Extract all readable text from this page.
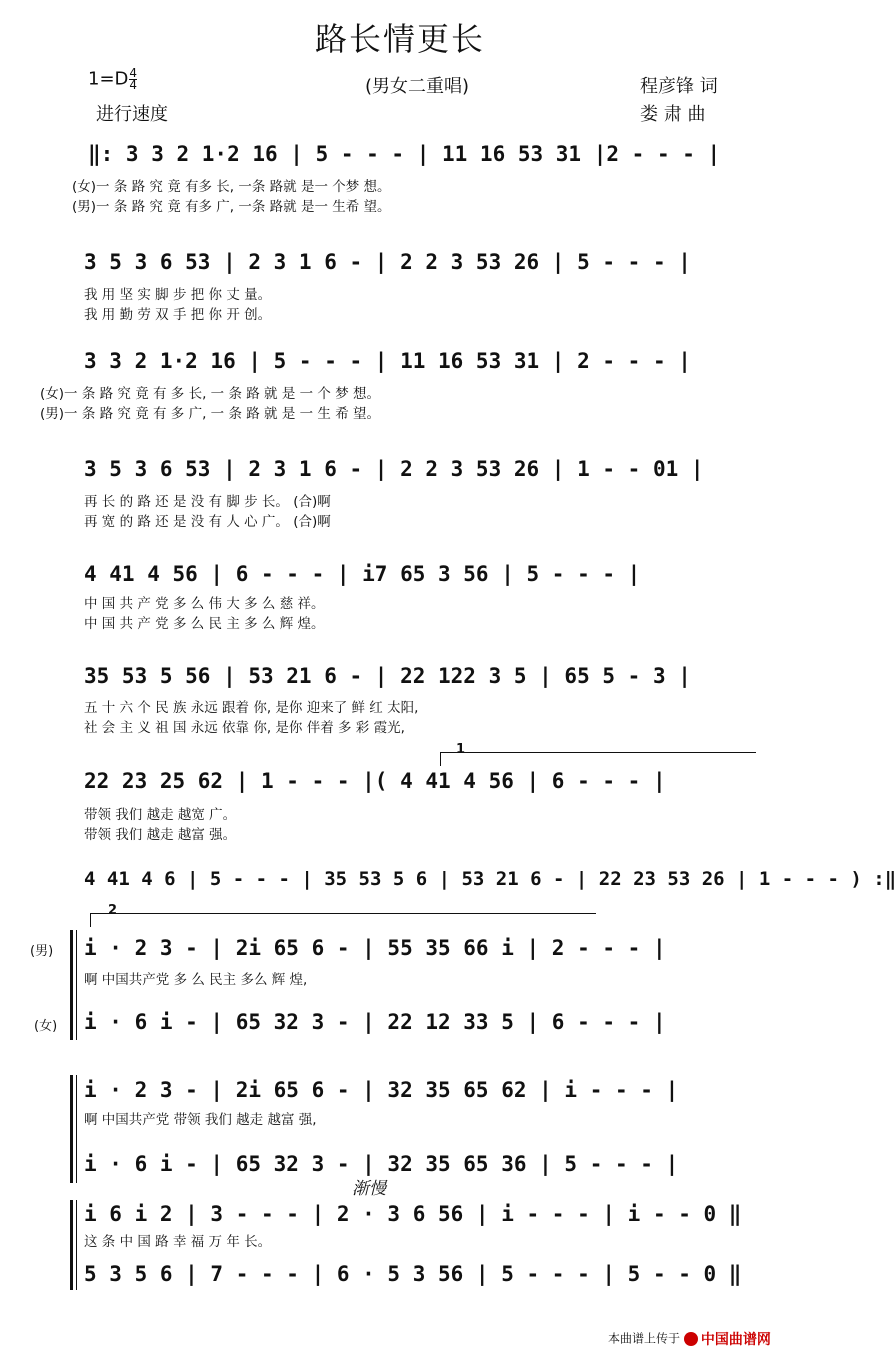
路长情更长
$1=D \frac{4}{4}$	(男女二重唱)	程彦锋 词
进行速度	娄 肃 曲
‖: 3 3 2 1·2 16 | 5 - - - | 11 16 53 31 |2 - - - |
(女)一 条 路 究 竟 有多 长, 一条 路就 是一 个梦 想。
(男)一 条 路 究 竟 有多 广, 一条 路就 是一 生希 望。
3 5 3 6 53 | 2 3 1 6 - | 2 2 3 53 26 | 5 - - - |
我 用 坚 实 脚 步 把 你 丈 量。
我 用 勤 劳 双 手 把 你 开 创。
3 3 2 1·2 16 | 5 - - - | 11 16 53 31 | 2 - - - |
(女)一 条 路 究 竟 有 多 长, 一 条 路 就 是 一 个 梦 想。
(男)一 条 路 究 竟 有 多 广, 一 条 路 就 是 一 生 希 望。
3 5 3 6 53 | 2 3 1 6 - | 2 2 3 53 26 | 1 - - 01 |
再 长 的 路 还 是 没 有 脚 步 长。 (合)啊
再 宽 的 路 还 是 没 有 人 心 广。 (合)啊
4 41 4 56 | 6 - - - | i7 65 3 56 | 5 - - - |
中 国 共 产 党 多 么 伟 大 多 么 慈 祥。
中 国 共 产 党 多 么 民 主 多 么 辉 煌。
35 53 5 56 | 53 21 6 - | 22 122 3 5 | 65 5 - 3 |
五 十 六 个 民 族 永远 跟着 你, 是你 迎来了 鲜 红 太阳,
社 会 主 义 祖 国 永远 依靠 你, 是你 伴着 多 彩 霞光,
1
22 23 25 62 | 1 - - - |( 4 41 4 56 | 6 - - - |
带领 我们 越走 越宽 广。
带领 我们 越走 越富 强。
4 41 4 6 | 5 - - - | 35 53 5 6 | 53 21 6 - | 22 23 53 26 | 1 - - - ) :‖
2
(男) i · 2 3 - | 2i 65 6 - | 55 35 66 i | 2 - - - |
啊 中国共产党 多 么 民主 多么 辉 煌,
(女) i · 6 i - | 65 32 3 - | 22 12 33 5 | 6 - - - |
i · 2 3 - | 2i 65 6 - | 32 35 65 62 | i - - - |
啊 中国共产党 带领 我们 越走 越富 强,
i · 6 i - | 65 32 3 - | 32 35 65 36 | 5 - - - |
渐慢
i 6 i 2 | 3 - - - | 2 · 3 6 56 | i - - - | i - - 0 ‖
这 条 中 国 路 幸 福 万 年 长。
5 3 5 6 | 7 - - - | 6 · 5 3 56 | 5 - - - | 5 - - 0 ‖
本曲谱上传于 中国曲谱网
